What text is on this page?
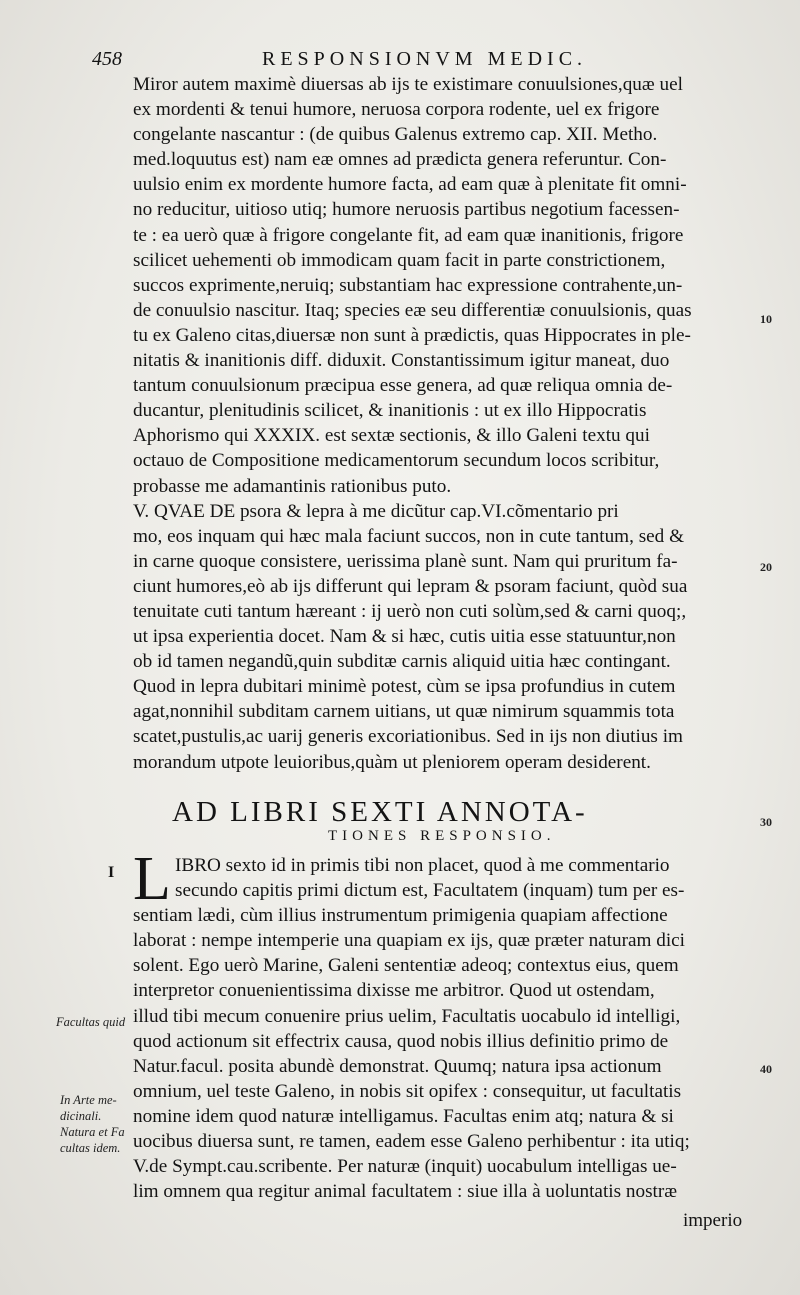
458	RESPONSIONVM MEDIC.

Miror autem maximè diuersas ab ijs te existimare conuulsiones,quæ uel

ex mordenti & tenui humore, neruosa corpora rodente, uel ex frigore

congelante nascantur : (de quibus Galenus extremo cap. XII. Metho.

med.loquutus est) nam eæ omnes ad prædicta genera referuntur. Con-

uulsio enim ex mordente humore facta, ad eam quæ à plenitate fit omni-

no reducitur, uitioso utiq; humore neruosis partibus negotium facessen-

te : ea uerò quæ à frigore congelante fit, ad eam quæ inanitionis, frigore

scilicet uehementi ob immodicam quam facit in parte constrictionem,

succos exprimente,neruiq; substantiam hac expressione contrahente,un-

de conuulsio nascitur. Itaq; species eæ seu differentiæ conuulsionis, quas

tu ex Galeno citas,diuersæ non sunt à prædictis, quas Hippocrates in ple-

nitatis & inanitionis diff. diduxit. Constantissimum igitur maneat, duo

tantum conuulsionum præcipua esse genera, ad quæ reliqua omnia de-

ducantur, plenitudinis scilicet, & inanitionis : ut ex illo Hippocratis

Aphorismo qui XXXIX. est sextæ sectionis, & illo Galeni textu qui

octauo de Compositione medicamentorum secundum locos scribitur,

probasse me adamantinis rationibus puto.

V. QVAE DE psora & lepra à me dicũtur cap.VI.cõmentario pri

mo, eos inquam qui hæc mala faciunt succos, non in cute tantum, sed &

in carne quoque consistere, uerissima planè sunt. Nam qui pruritum fa-

ciunt humores,eò ab ijs differunt qui lepram & psoram faciunt, quòd sua

tenuitate cuti tantum hæreant : ij uerò non cuti solùm,sed & carni quoq;,

ut ipsa experientia docet. Nam & si hæc, cutis uitia esse statuuntur,non

ob id tamen negandũ,quin subditæ carnis aliquid uitia hæc contingant.

Quod in lepra dubitari minimè potest, cùm se ipsa profundius in cutem

agat,nonnihil subditam carnem uitians, ut quæ nimirum squammis tota

scatet,pustulis,ac uarij generis excoriationibus. Sed in ijs non diutius im

morandum utpote leuioribus,quàm ut pleniorem operam desiderent.

AD LIBRI SEXTI ANNOTA-
TIONES RESPONSIO.
I L IBRO sexto id in primis tibi non placet, quod à me commentario

secundo capitis primi dictum est, Facultatem (inquam) tum per es-

sentiam lædi, cùm illius instrumentum primigenia quapiam affectione

laborat : nempe intemperie una quapiam ex ijs, quæ præter naturam dici

solent. Ego uerò Marine, Galeni sententiæ adeoq; contextus eius, quem

interpretor conuenientissima dixisse me arbitror. Quod ut ostendam,

illud tibi mecum conuenire prius uelim, Facultatis uocabulo id intelligi,

quod actionum sit effectrix causa, quod nobis illius definitio primo de

Natur.facul. posita abundè demonstrat. Quumq; natura ipsa actionum

omnium, uel teste Galeno, in nobis sit opifex : consequitur, ut facultatis

nomine idem quod naturæ intelligamus. Facultas enim atq; natura & si

uocibus diuersa sunt, re tamen, eadem esse Galeno perhibentur : ita utiq;

V.de Sympt.cau.scribente. Per naturæ (inquit) uocabulum intelligas ue-

lim omnem qua regitur animal facultatem : siue illa à uoluntatis nostræ

imperio
10
20
30
40
Facultas quid
In Arte me-
dicinali.
Natura et Fa
cultas idem.
